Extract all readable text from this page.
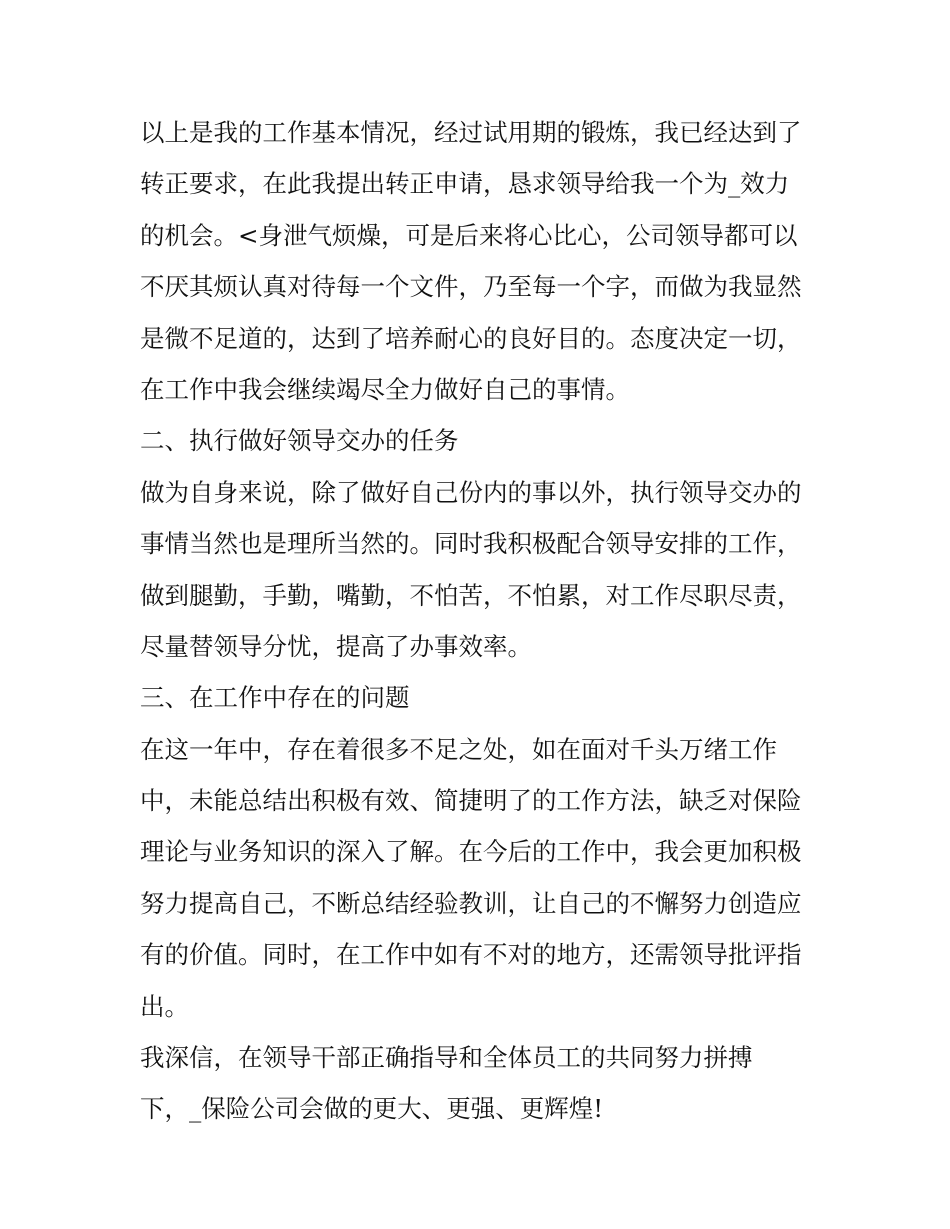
以上是我的工作基本情况，经过试用期的锻炼，我已经达到了
转正要求，在此我提出转正申请，恳求领导给我一个为_效力
的机会。<身泄气烦燥，可是后来将心比心，公司领导都可以
不厌其烦认真对待每一个文件，乃至每一个字，而做为我显然
是微不足道的，达到了培养耐心的良好目的。态度决定一切，
在工作中我会继续竭尽全力做好自己的事情。
二、执行做好领导交办的任务
做为自身来说，除了做好自己份内的事以外，执行领导交办的
事情当然也是理所当然的。同时我积极配合领导安排的工作，
做到腿勤，手勤，嘴勤，不怕苦，不怕累，对工作尽职尽责，
尽量替领导分忧，提高了办事效率。
三、在工作中存在的问题
在这一年中，存在着很多不足之处，如在面对千头万绪工作
中，未能总结出积极有效、简捷明了的工作方法，缺乏对保险
理论与业务知识的深入了解。在今后的工作中，我会更加积极
努力提高自己，不断总结经验教训，让自己的不懈努力创造应
有的价值。同时，在工作中如有不对的地方，还需领导批评指
出。
我深信，在领导干部正确指导和全体员工的共同努力拼搏
下，_保险公司会做的更大、更强、更辉煌!
